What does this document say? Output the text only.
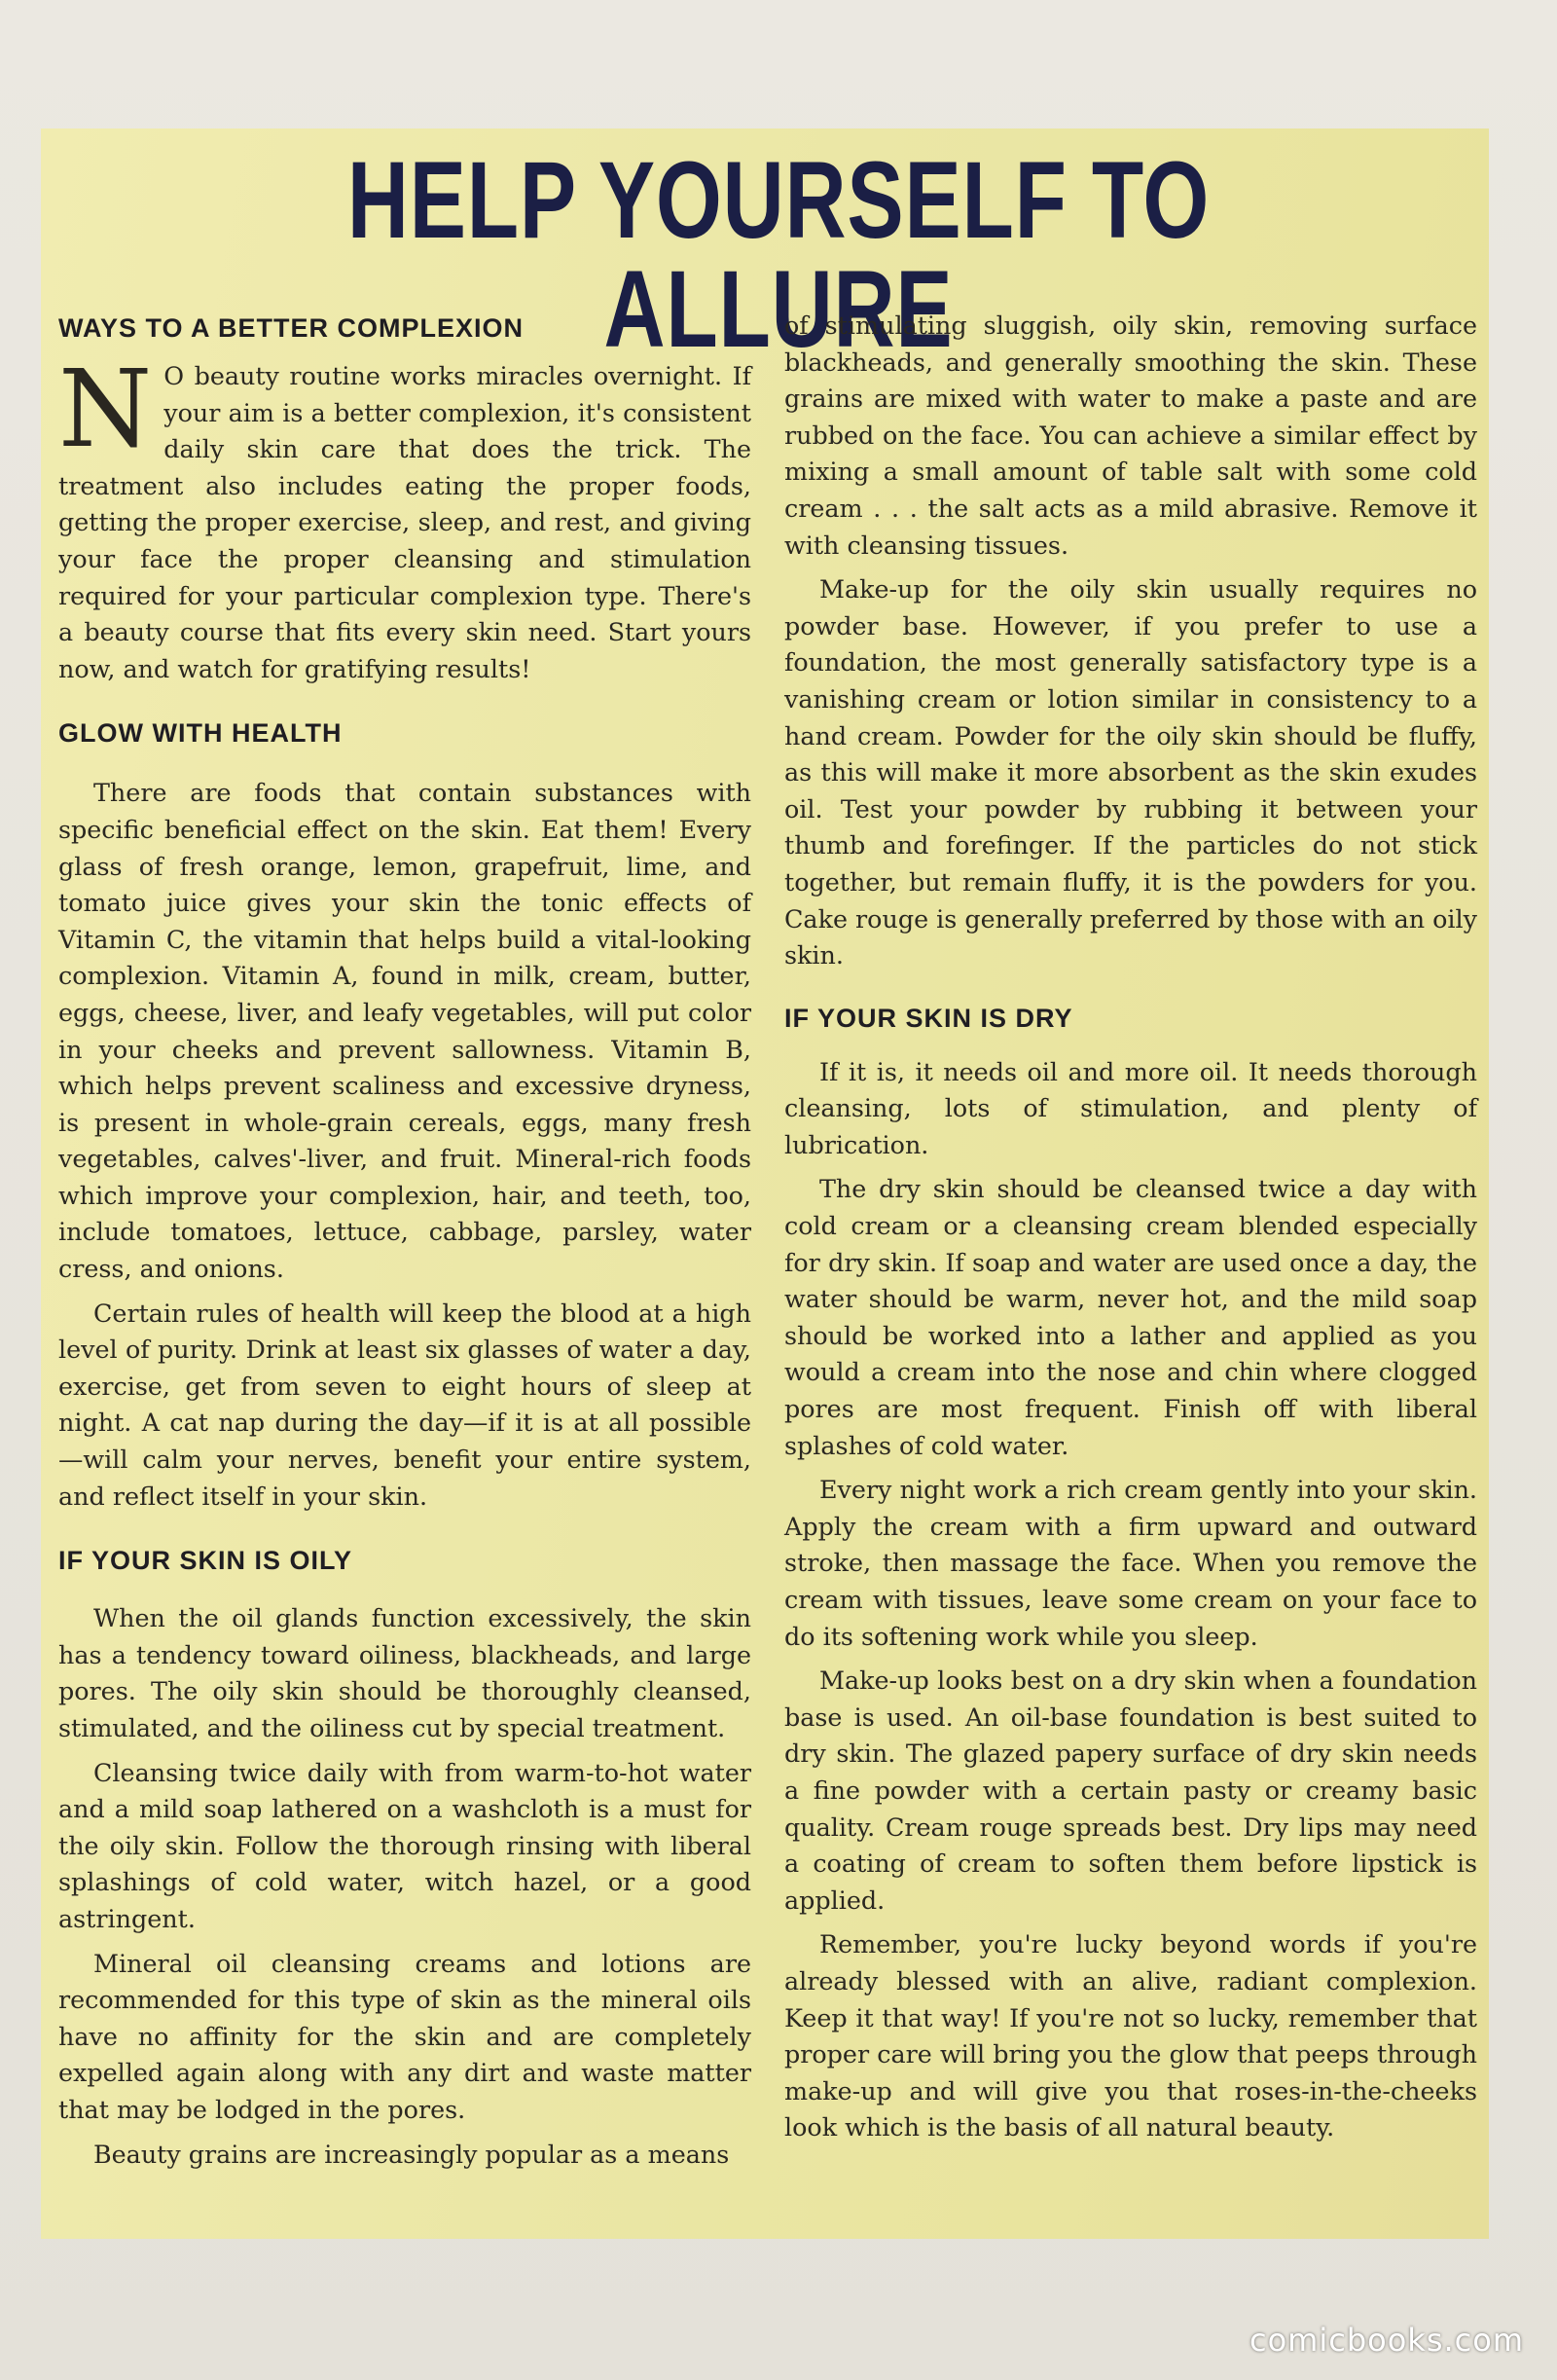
HELP YOURSELF TO ALLURE
WAYS TO A BETTER COMPLEXION

N O beauty routine works miracles overnight. If your aim is a better complexion, it's consistent daily skin care that does the trick. The treatment also includes eating the proper foods, getting the proper exercise, sleep, and rest, and giving your face the proper cleansing and stimulation required for your particular complexion type. There's a beauty course that fits every skin need. Start yours now, and watch for gratifying results!

GLOW WITH HEALTH

There are foods that contain substances with specific beneficial effect on the skin. Eat them! Every glass of fresh orange, lemon, grapefruit, lime, and tomato juice gives your skin the tonic effects of Vitamin C, the vitamin that helps build a vital-looking complexion. Vitamin A, found in milk, cream, butter, eggs, cheese, liver, and leafy vegetables, will put color in your cheeks and prevent sallowness. Vitamin B, which helps prevent scaliness and excessive dryness, is present in whole-grain cereals, eggs, many fresh vegetables, calves'-liver, and fruit. Mineral-rich foods which improve your complexion, hair, and teeth, too, include tomatoes, lettuce, cabbage, parsley, water cress, and onions.

Certain rules of health will keep the blood at a high level of purity. Drink at least six glasses of water a day, exercise, get from seven to eight hours of sleep at night. A cat nap during the day—if it is at all possible—will calm your nerves, benefit your entire system, and reflect itself in your skin.

IF YOUR SKIN IS OILY

When the oil glands function excessively, the skin has a tendency toward oiliness, blackheads, and large pores. The oily skin should be thoroughly cleansed, stimulated, and the oiliness cut by special treatment.

Cleansing twice daily with from warm-to-hot water and a mild soap lathered on a washcloth is a must for the oily skin. Follow the thorough rinsing with liberal splashings of cold water, witch hazel, or a good astringent.

Mineral oil cleansing creams and lotions are recommended for this type of skin as the mineral oils have no affinity for the skin and are completely expelled again along with any dirt and waste matter that may be lodged in the pores.

Beauty grains are increasingly popular as a means

of stimulating sluggish, oily skin, removing surface blackheads, and generally smoothing the skin. These grains are mixed with water to make a paste and are rubbed on the face. You can achieve a similar effect by mixing a small amount of table salt with some cold cream . . . the salt acts as a mild abrasive. Remove it with cleansing tissues.

Make-up for the oily skin usually requires no powder base. However, if you prefer to use a foundation, the most generally satisfactory type is a vanishing cream or lotion similar in consistency to a hand cream. Powder for the oily skin should be fluffy, as this will make it more absorbent as the skin exudes oil. Test your powder by rubbing it between your thumb and forefinger. If the particles do not stick together, but remain fluffy, it is the powders for you. Cake rouge is generally preferred by those with an oily skin.

IF YOUR SKIN IS DRY

If it is, it needs oil and more oil. It needs thorough cleansing, lots of stimulation, and plenty of lubrication.

The dry skin should be cleansed twice a day with cold cream or a cleansing cream blended especially for dry skin. If soap and water are used once a day, the water should be warm, never hot, and the mild soap should be worked into a lather and applied as you would a cream into the nose and chin where clogged pores are most frequent. Finish off with liberal splashes of cold water.

Every night work a rich cream gently into your skin. Apply the cream with a firm upward and outward stroke, then massage the face. When you remove the cream with tissues, leave some cream on your face to do its softening work while you sleep.

Make-up looks best on a dry skin when a foundation base is used. An oil-base foundation is best suited to dry skin. The glazed papery surface of dry skin needs a fine powder with a certain pasty or creamy basic quality. Cream rouge spreads best. Dry lips may need a coating of cream to soften them before lipstick is applied.

Remember, you're lucky beyond words if you're already blessed with an alive, radiant complexion. Keep it that way! If you're not so lucky, remember that proper care will bring you the glow that peeps through make-up and will give you that roses-in-the-cheeks look which is the basis of all natural beauty.

comicbooks.com
